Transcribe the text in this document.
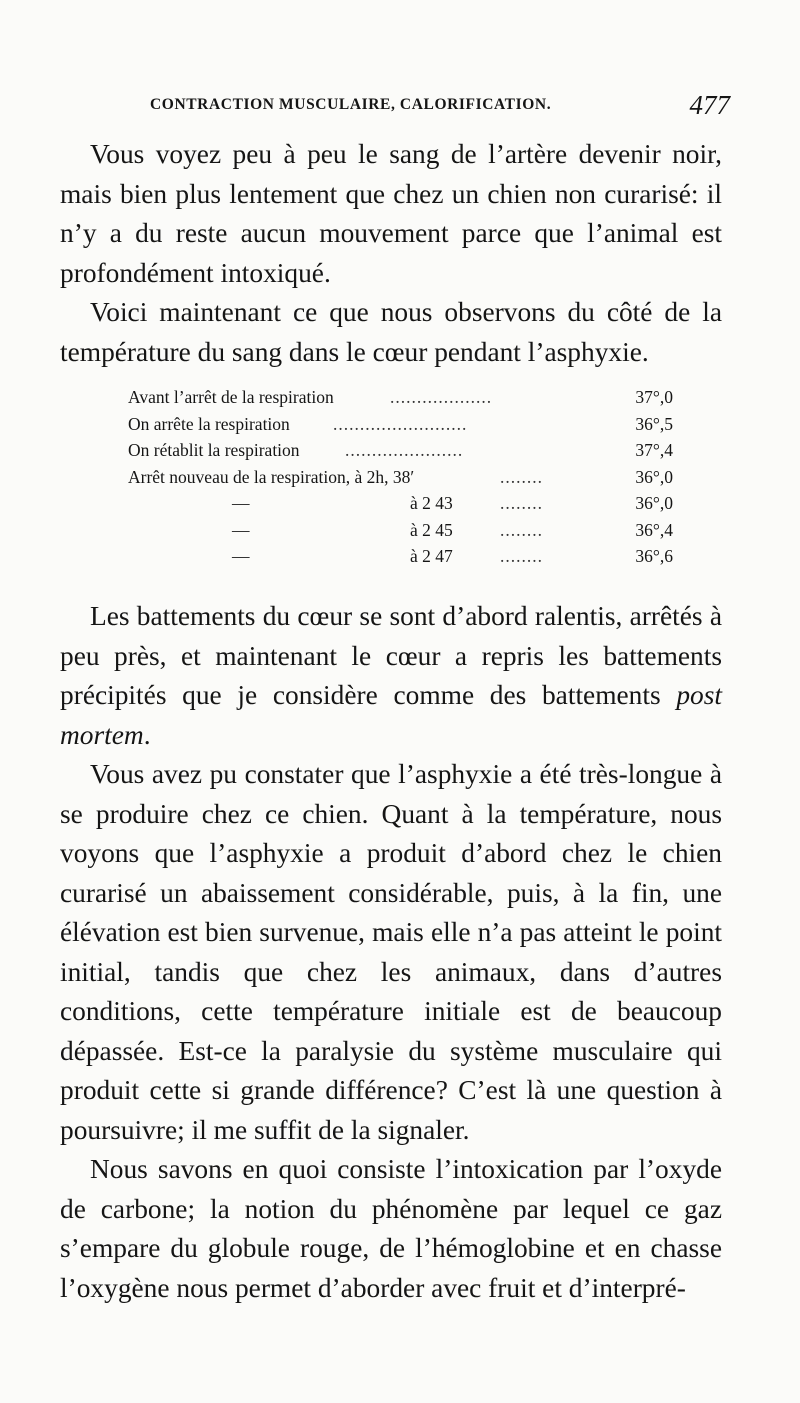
CONTRACTION MUSCULAIRE, CALORIFICATION.	477

Vous voyez peu à peu le sang de l’artère devenir noir, mais bien plus lentement que chez un chien non curarisé: il n’y a du reste aucun mouvement parce que l’animal est profondément intoxiqué.

Voici maintenant ce que nous observons du côté de la température du sang dans le cœur pendant l’asphyxie.

Avant l’arrêt de la respiration	...................	37°,0
On arrête la respiration .........................	36°,5
On rétablit la respiration	......................	37°,4
Arrêt nouveau de la respiration, à 2h, 38′	........	36°,0
—	à 2 43	........	36°,0
—	à 2 45	........	36°,4
—	à 2 47	........	36°,6

Les battements du cœur se sont d’abord ralentis, arrêtés à peu près, et maintenant le cœur a repris les battements précipités que je considère comme des battements post mortem.

Vous avez pu constater que l’asphyxie a été très-longue à se produire chez ce chien. Quant à la température, nous voyons que l’asphyxie a produit d’abord chez le chien curarisé un abaissement considérable, puis, à la fin, une élévation est bien survenue, mais elle n’a pas atteint le point initial, tandis que chez les animaux, dans d’autres conditions, cette température initiale est de beaucoup dépassée. Est-ce la paralysie du système musculaire qui produit cette si grande différence? C’est là une question à poursuivre; il me suffit de la signaler.

Nous savons en quoi consiste l’intoxication par l’oxyde de carbone; la notion du phénomène par lequel ce gaz s’empare du globule rouge, de l’hémoglobine et en chasse l’oxygène nous permet d’aborder avec fruit et d’interpré-
